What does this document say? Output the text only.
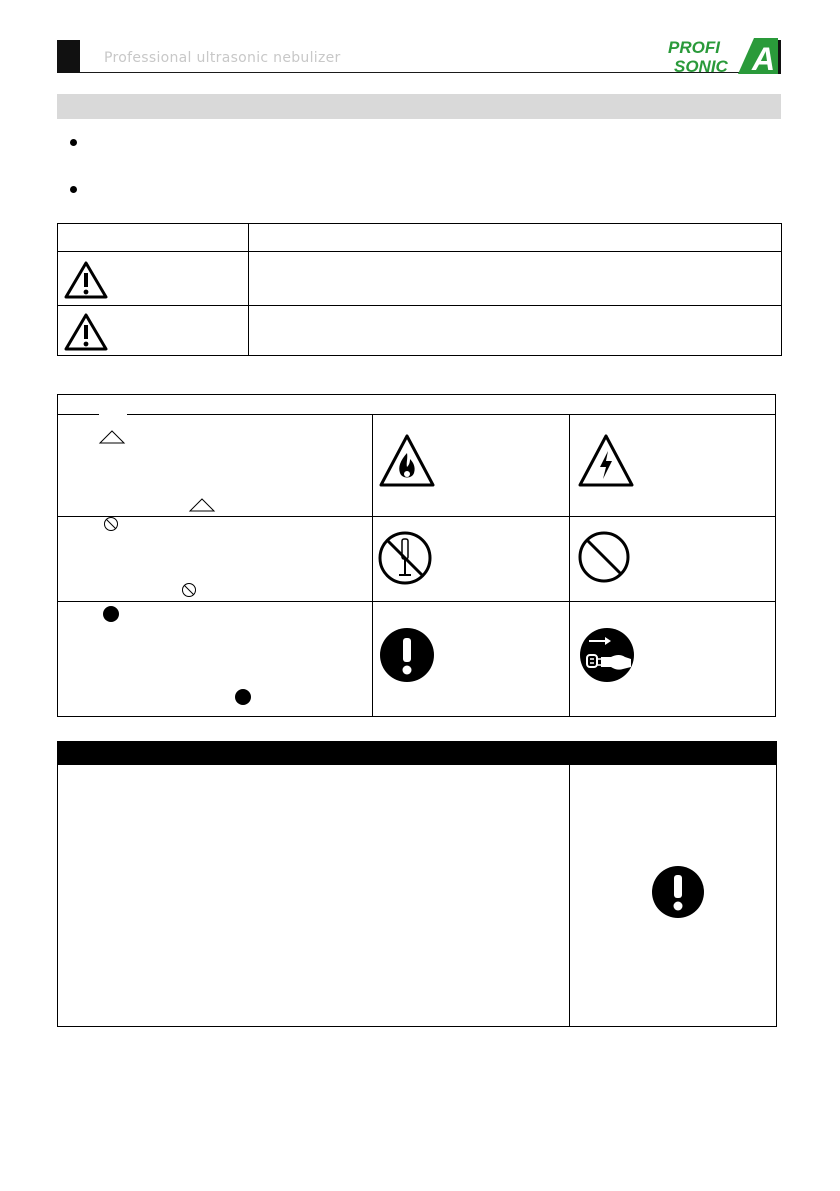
Professional ultrasonic nebulizer
PROFI
SONIC A
